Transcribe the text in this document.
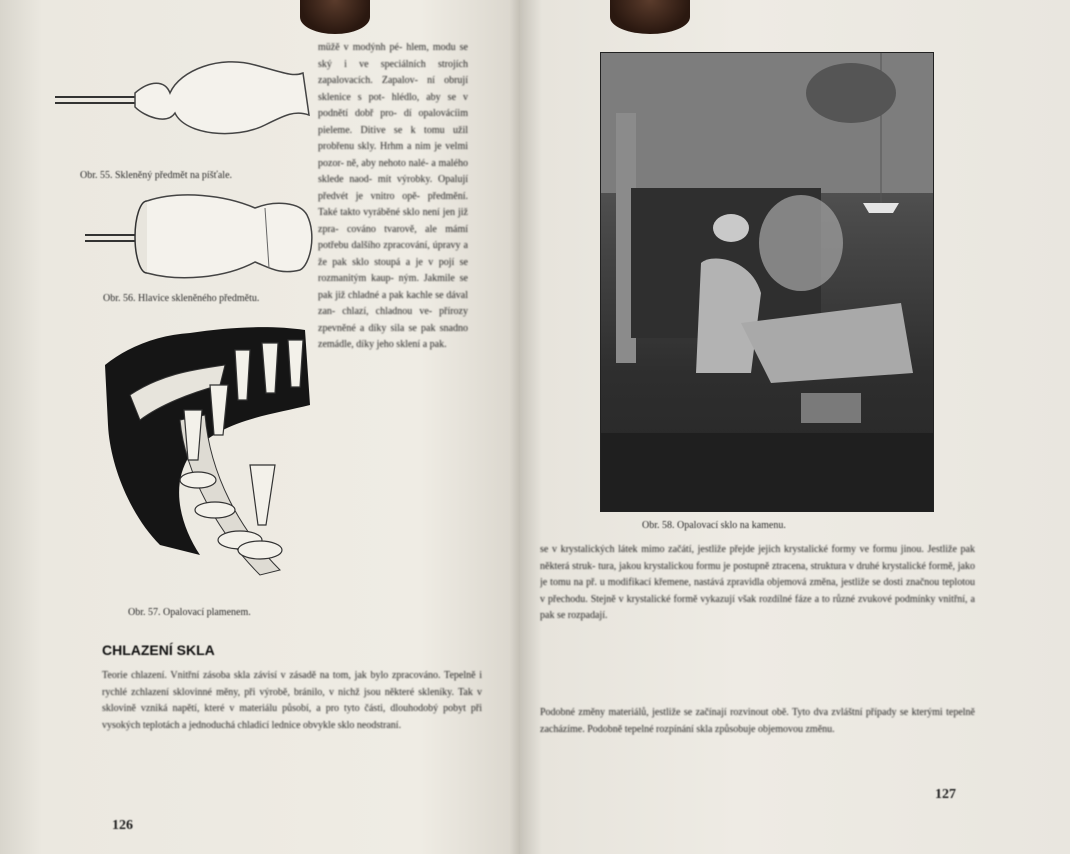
Obr. 55. Skleněný předmět na píšťale.
Obr. 56. Hlavice skleněného předmětu.
Obr. 57. Opalovací plamenem.
müžě v modýnh pé- hlem, modu se ský i ve speciálních strojích zapalovacích. Zapalov- ní obrují sklenice s pot- hlédlo, aby se v podnětí dobř pro- dí opalovácíim pieleme. Ditive se k tomu užil probřenu skly. Hrhm a nim je velmi pozor- ně, aby nehoto nalé- a malého sklede naod- mít výrobky. Opalují předvét je vnitro opě- předmění. Také takto vyráběné sklo není jen již zpra- cováno tvarově, ale mámí potřebu dalšího zpracování, úpravy a že pak sklo stoupá a je v pojí se rozmanitým kaup- ným. Jakmile se pak již chladné a pak kachle se dával zan- chlazí, chladnou ve- přírozy zpevněné a díky sila se pak snadno zemádle, díky jeho sklení a pak.
CHLAZENÍ SKLA
Teorie chlazení. Vnitřní zásoba skla závisí v zásadě na tom, jak bylo zpracováno. Tepelně i rychlé zchlazení sklovinné měny, při výrobě, bránilo, v nichž jsou některé skleníky. Tak v sklovině vzniká napětí, které v materiálu působí, a pro tyto části, dlouhodobý pobyt při vysokých teplotách a jednoduchá chladicí lednice obvykle sklo neodstraní.
126
Obr. 58. Opalovací sklo na kamenu.
se v krystalických látek mimo začátí, jestliže přejde jejich krystalické formy ve formu jinou. Jestliže pak některá struk- tura, jakou krystalickou formu je postupně ztracena, struktura v druhé krystalické formě, jako je tomu na př. u modifikací křemene, nastává zpravidla objemová změna, jestliže se dosti značnou teplotou v přechodu. Stejně v krystalické formě vykazují však rozdílné fáze a to různé zvukové podmínky vnitřní, a pak se rozpadají.
Podobné změny materiálů, jestliže se začínají rozvinout obě. Tyto dva zvláštní případy se kterými tepelně zacházíme. Podobně tepelné rozpínání skla způsobuje objemovou změnu.
127
